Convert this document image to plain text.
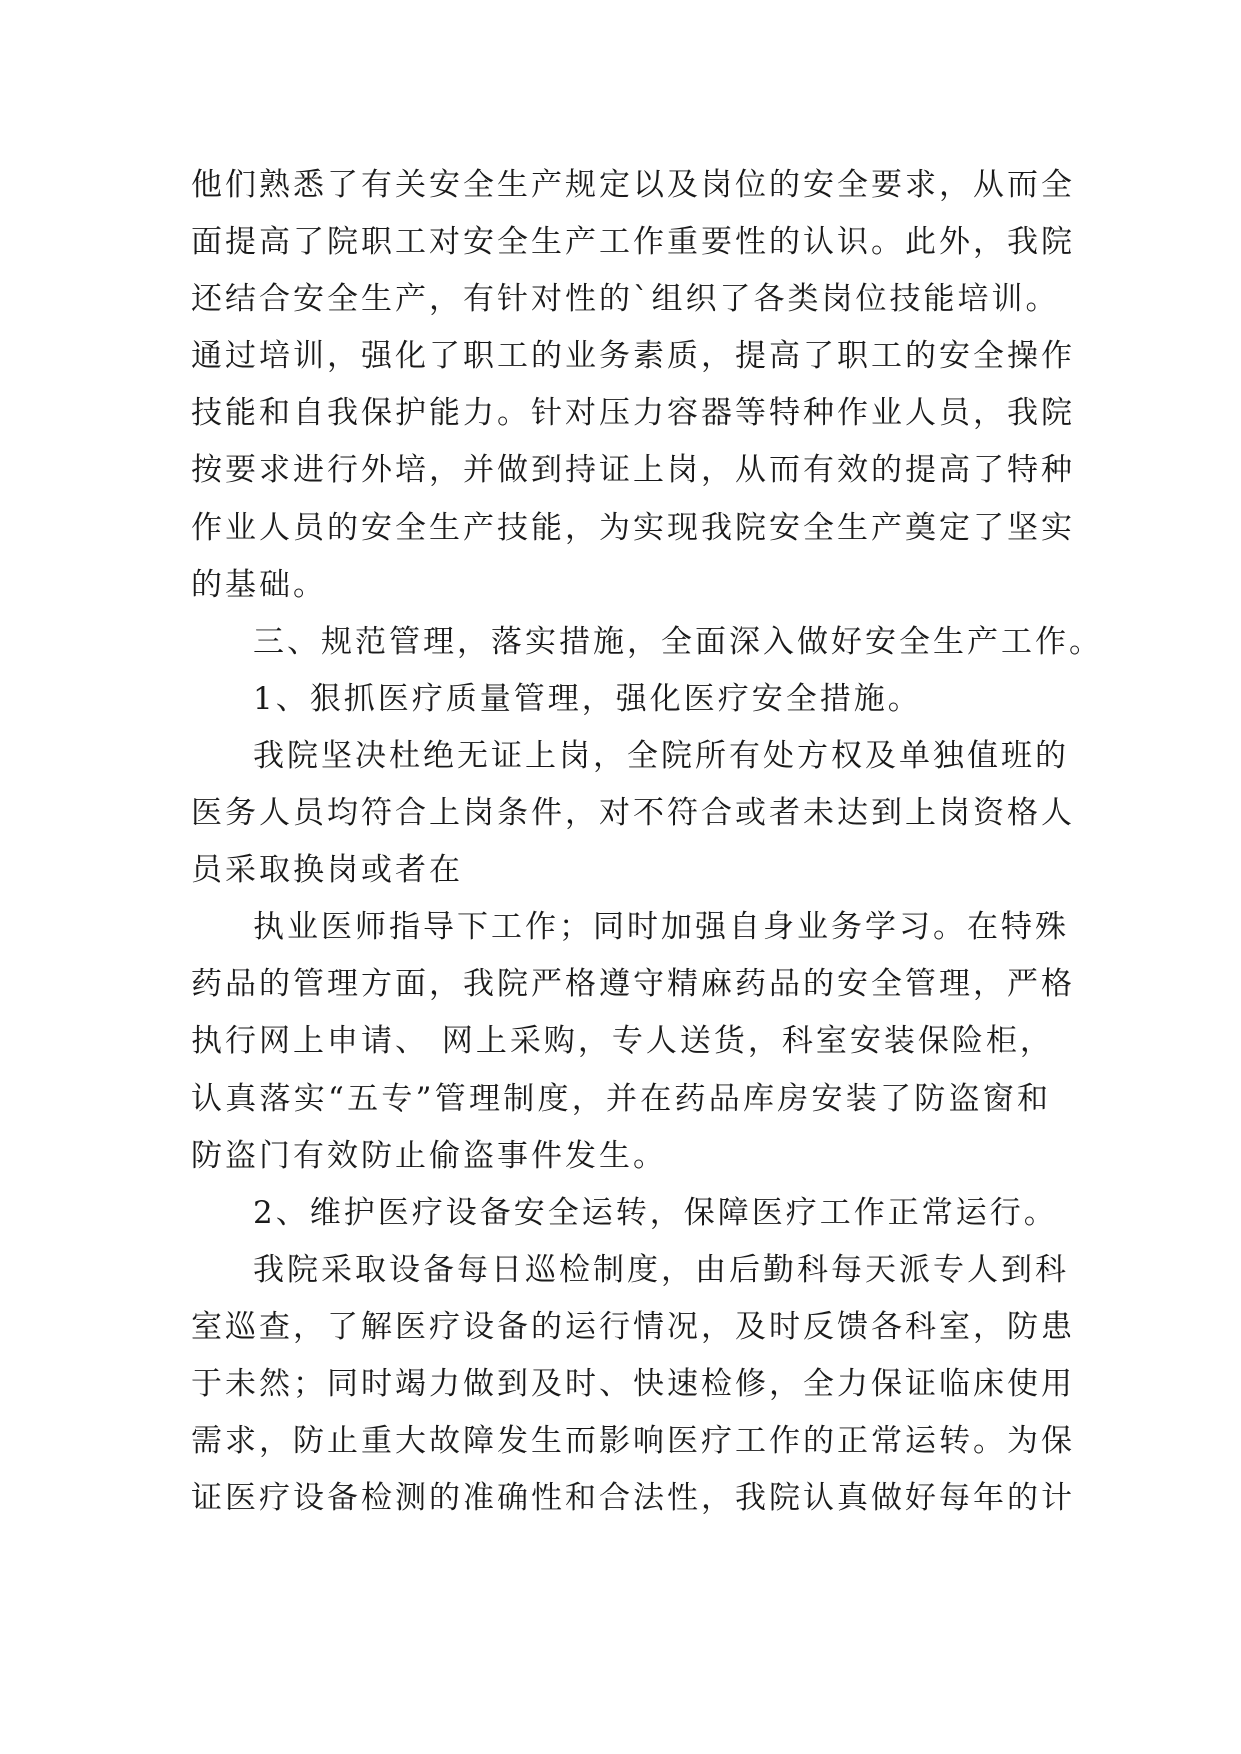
他们熟悉了有关安全生产规定以及岗位的安全要求，从而全
面提高了院职工对安全生产工作重要性的认识。此外，我院
还结合安全生产，有针对性的`组织了各类岗位技能培训。
通过培训，强化了职工的业务素质，提高了职工的安全操作
技能和自我保护能力。针对压力容器等特种作业人员，我院
按要求进行外培，并做到持证上岗，从而有效的提高了特种
作业人员的安全生产技能，为实现我院安全生产奠定了坚实
的基础。
三、规范管理，落实措施，全面深入做好安全生产工作。
1、狠抓医疗质量管理，强化医疗安全措施。
我院坚决杜绝无证上岗，全院所有处方权及单独值班的
医务人员均符合上岗条件，对不符合或者未达到上岗资格人
员采取换岗或者在
执业医师指导下工作；同时加强自身业务学习。在特殊
药品的管理方面，我院严格遵守精麻药品的安全管理，严格
执行网上申请、 网上采购，专人送货，科室安装保险柜，
认真落实“五专”管理制度，并在药品库房安装了防盗窗和
防盗门有效防止偷盗事件发生。
2、维护医疗设备安全运转，保障医疗工作正常运行。
我院采取设备每日巡检制度，由后勤科每天派专人到科
室巡查，了解医疗设备的运行情况，及时反馈各科室，防患
于未然；同时竭力做到及时、快速检修，全力保证临床使用
需求，防止重大故障发生而影响医疗工作的正常运转。为保
证医疗设备检测的准确性和合法性，我院认真做好每年的计
